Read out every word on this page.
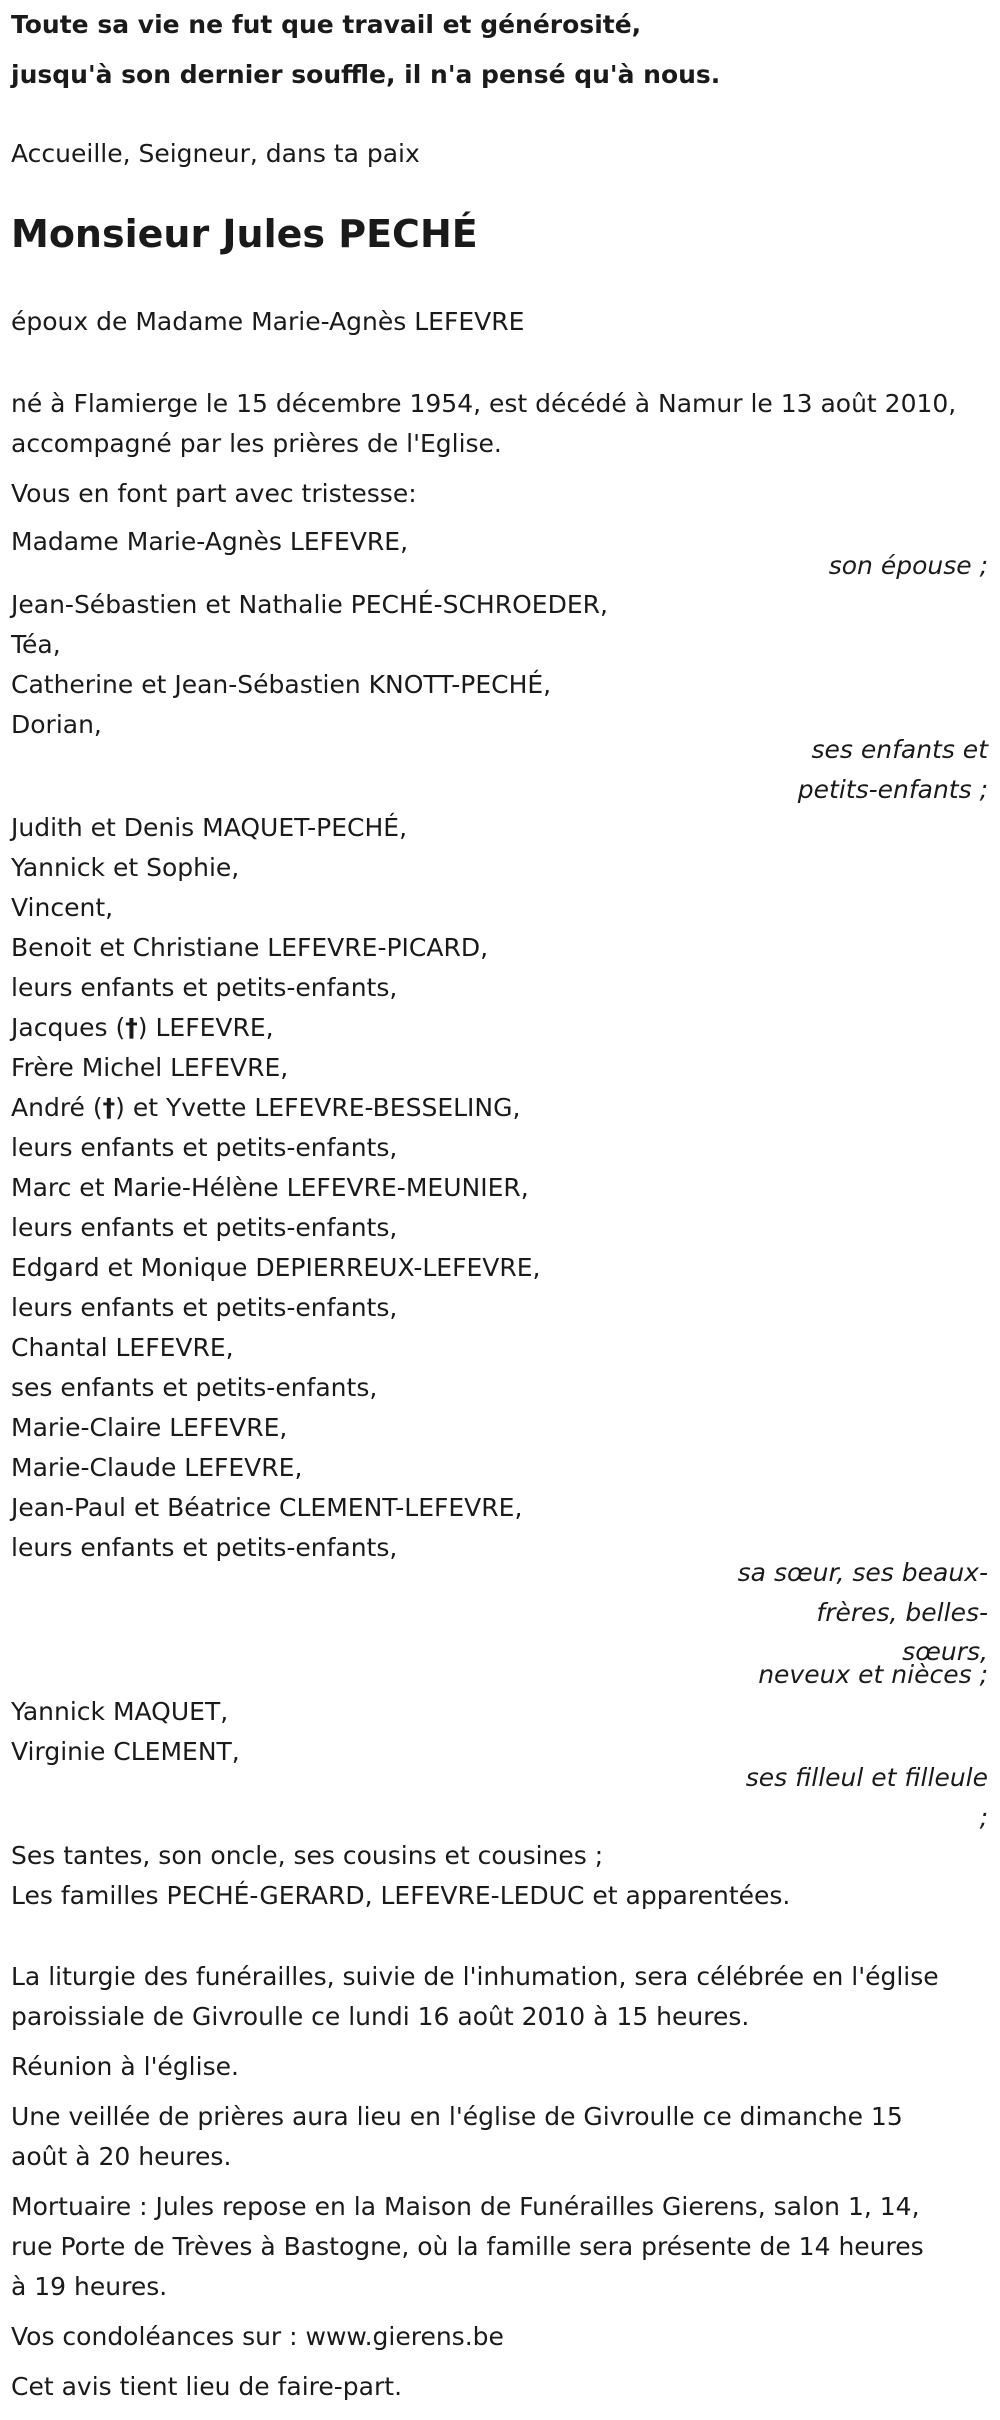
Toute sa vie ne fut que travail et générosité,
jusqu'à son dernier souffle, il n'a pensé qu'à nous.
Accueille, Seigneur, dans ta paix
Monsieur Jules PECHÉ
époux de Madame Marie-Agnès LEFEVRE
né à Flamierge le 15 décembre 1954, est décédé à Namur le 13 août 2010,
accompagné par les prières de l'Eglise.
Vous en font part avec tristesse:
Madame Marie-Agnès LEFEVRE,
son épouse ;
Jean-Sébastien et Nathalie PECHÉ-SCHROEDER,
Téa,
Catherine et Jean-Sébastien KNOTT-PECHÉ,
Dorian,
ses enfants et
petits-enfants ;
Judith et Denis MAQUET-PECHÉ,
Yannick et Sophie,
Vincent,
Benoit et Christiane LEFEVRE-PICARD,
leurs enfants et petits-enfants,
Jacques (†) LEFEVRE,
Frère Michel LEFEVRE,
André (†) et Yvette LEFEVRE-BESSELING,
leurs enfants et petits-enfants,
Marc et Marie-Hélène LEFEVRE-MEUNIER,
leurs enfants et petits-enfants,
Edgard et Monique DEPIERREUX-LEFEVRE,
leurs enfants et petits-enfants,
Chantal LEFEVRE,
ses enfants et petits-enfants,
Marie-Claire LEFEVRE,
Marie-Claude LEFEVRE,
Jean-Paul et Béatrice CLEMENT-LEFEVRE,
leurs enfants et petits-enfants,
sa sœur, ses beaux-
frères, belles-
sœurs,
neveux et nièces ;
Yannick MAQUET,
Virginie CLEMENT,
ses filleul et filleule
;
Ses tantes, son oncle, ses cousins et cousines ;
Les familles PECHÉ-GERARD, LEFEVRE-LEDUC et apparentées.
La liturgie des funérailles, suivie de l'inhumation, sera célébrée en l'église
paroissiale de Givroulle ce lundi 16 août 2010 à 15 heures.
Réunion à l'église.
Une veillée de prières aura lieu en l'église de Givroulle ce dimanche 15
août à 20 heures.
Mortuaire : Jules repose en la Maison de Funérailles Gierens, salon 1, 14,
rue Porte de Trèves à Bastogne, où la famille sera présente de 14 heures
à 19 heures.
Vos condoléances sur : www.gierens.be
Cet avis tient lieu de faire-part.
